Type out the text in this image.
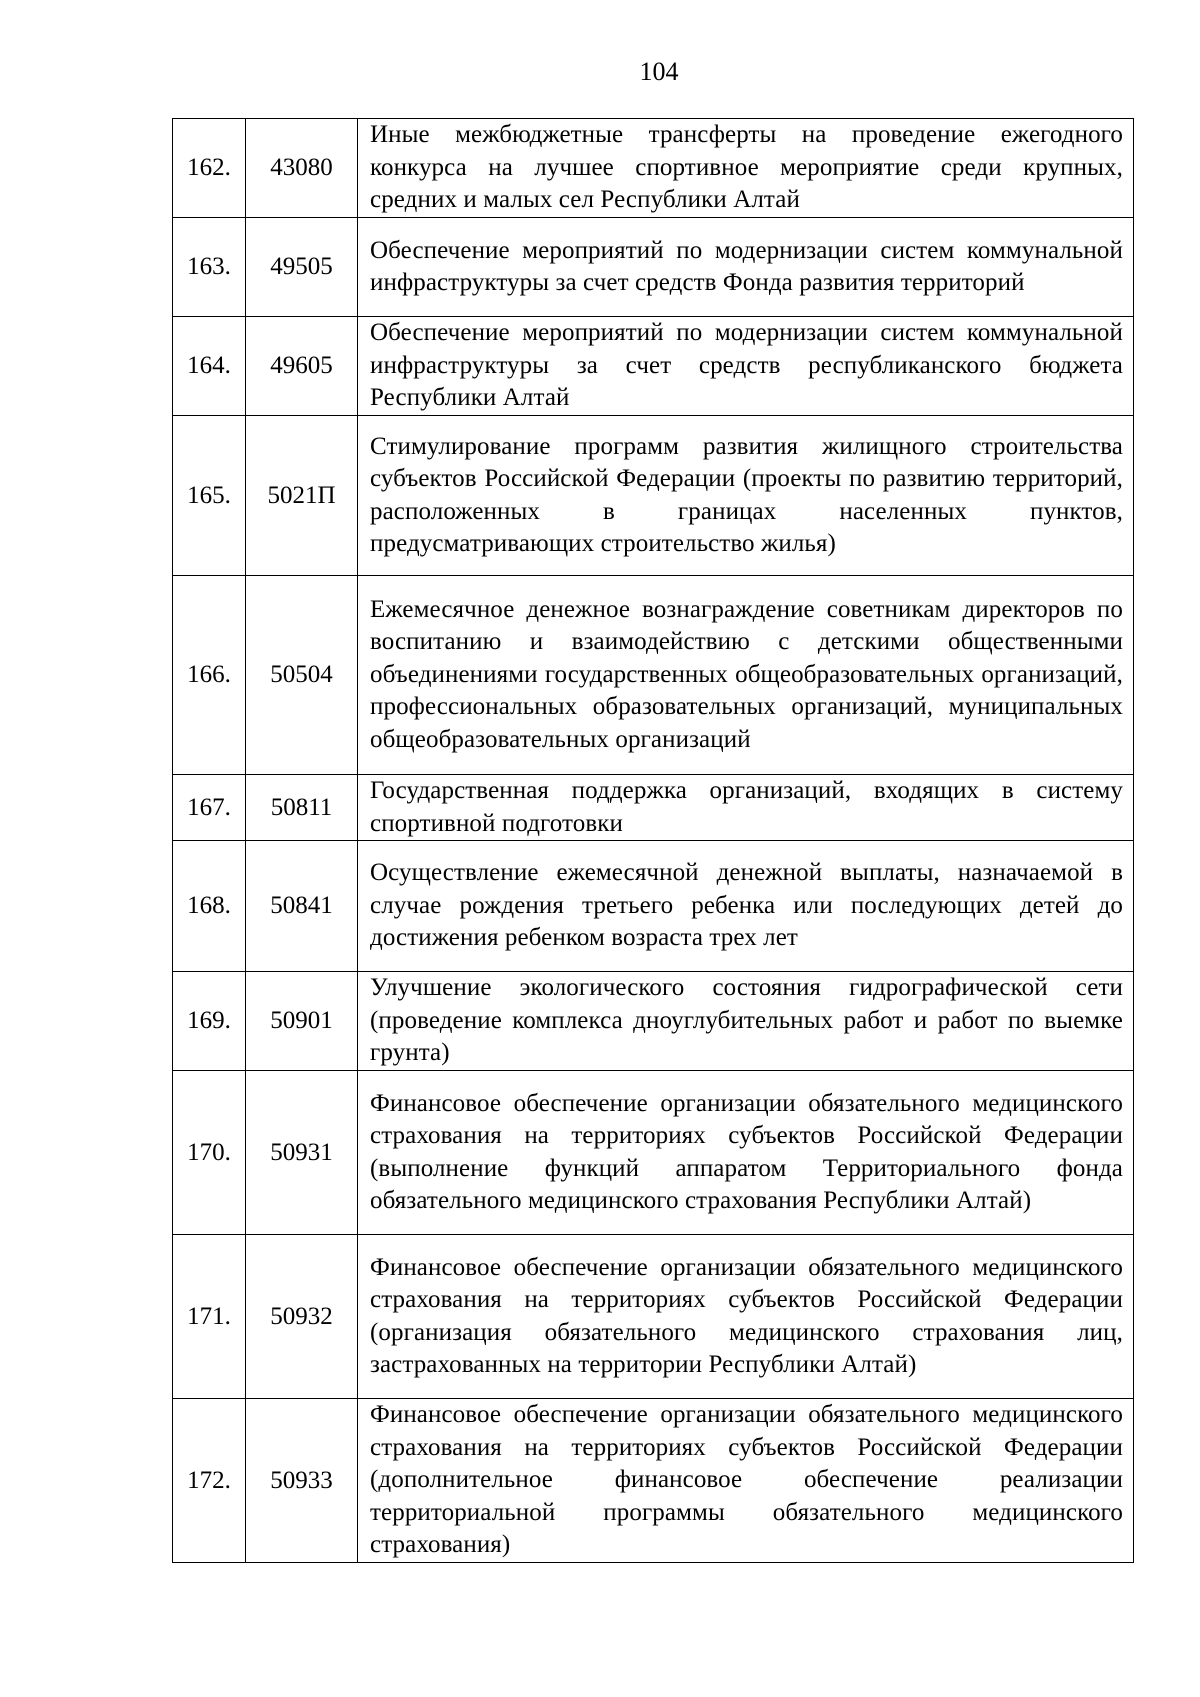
104
162.	43080	Иные межбюджетные трансферты на проведение ежегодного конкурса на лучшее спортивное мероприятие среди крупных, средних и малых сел Республики Алтай
163.	49505	Обеспечение мероприятий по модернизации систем коммунальной инфраструктуры за счет средств Фонда развития территорий
164.	49605	Обеспечение мероприятий по модернизации систем коммунальной инфраструктуры за счет средств республиканского бюджета Республики Алтай
165.	5021П	Стимулирование программ развития жилищного строительства субъектов Российской Федерации (проекты по развитию территорий, расположенных в границах населенных пунктов, предусматривающих строительство жилья)
166.	50504	Ежемесячное денежное вознаграждение советникам директоров по воспитанию и взаимодействию с детскими общественными объединениями государственных общеобразовательных организаций, профессиональных образовательных организаций, муниципальных общеобразовательных организаций
167.	50811	Государственная поддержка организаций, входящих в систему спортивной подготовки
168.	50841	Осуществление ежемесячной денежной выплаты, назначаемой в случае рождения третьего ребенка или последующих детей до достижения ребенком возраста трех лет
169.	50901	Улучшение экологического состояния гидрографической сети (проведение комплекса дноуглубительных работ и работ по выемке грунта)
170.	50931	Финансовое обеспечение организации обязательного медицинского страхования на территориях субъектов Российской Федерации (выполнение функций аппаратом Территориального фонда обязательного медицинского страхования Республики Алтай)
171.	50932	Финансовое обеспечение организации обязательного медицинского страхования на территориях субъектов Российской Федерации (организация обязательного медицинского страхования лиц, застрахованных на территории Республики Алтай)
172.	50933	Финансовое обеспечение организации обязательного медицинского страхования на территориях субъектов Российской Федерации (дополнительное финансовое обеспечение реализации территориальной программы обязательного медицинского страхования)
